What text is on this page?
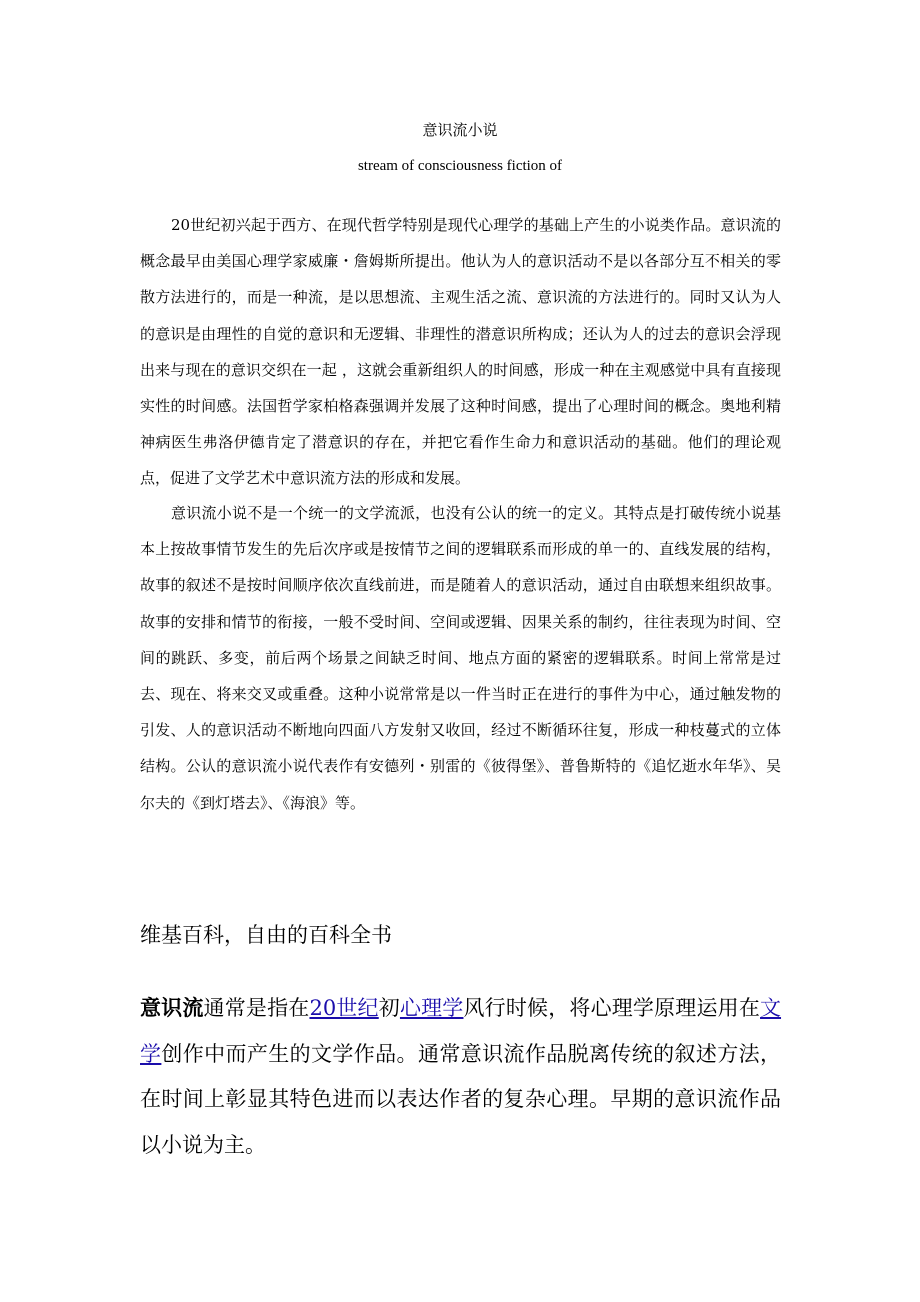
意识流小说
stream of consciousness fiction of

20世纪初兴起于西方、在现代哲学特别是现代心理学的基础上产生的小说类作品。意识流的概念最早由美国心理学家威廉・詹姆斯所提出。他认为人的意识活动不是以各部分互不相关的零散方法进行的，而是一种流，是以思想流、主观生活之流、意识流的方法进行的。同时又认为人的意识是由理性的自觉的意识和无逻辑、非理性的潜意识所构成；还认为人的过去的意识会浮现出来与现在的意识交织在一起 ，这就会重新组织人的时间感，形成一种在主观感觉中具有直接现实性的时间感。法国哲学家柏格森强调并发展了这种时间感，提出了心理时间的概念。奥地利精神病医生弗洛伊德肯定了潜意识的存在，并把它看作生命力和意识活动的基础。他们的理论观点，促进了文学艺术中意识流方法的形成和发展。

意识流小说不是一个统一的文学流派，也没有公认的统一的定义。其特点是打破传统小说基本上按故事情节发生的先后次序或是按情节之间的逻辑联系而形成的单一的、直线发展的结构，故事的叙述不是按时间顺序依次直线前进，而是随着人的意识活动，通过自由联想来组织故事。故事的安排和情节的衔接，一般不受时间、空间或逻辑、因果关系的制约，往往表现为时间、空间的跳跃、多变，前后两个场景之间缺乏时间、地点方面的紧密的逻辑联系。时间上常常是过去、现在、将来交叉或重叠。这种小说常常是以一件当时正在进行的事件为中心，通过触发物的引发、人的意识活动不断地向四面八方发射又收回，经过不断循环往复，形成一种枝蔓式的立体结构。公认的意识流小说代表作有安德列・别雷的《彼得堡》、普鲁斯特的《追忆逝水年华》、吴尔夫的《到灯塔去》、《海浪》等。

维基百科，自由的百科全书

意识流通常是指在20世纪初心理学风行时候，将心理学原理运用在文学创作中而产生的文学作品。通常意识流作品脱离传统的叙述方法，在时间上彰显其特色进而以表达作者的复杂心理。早期的意识流作品以小说为主。
